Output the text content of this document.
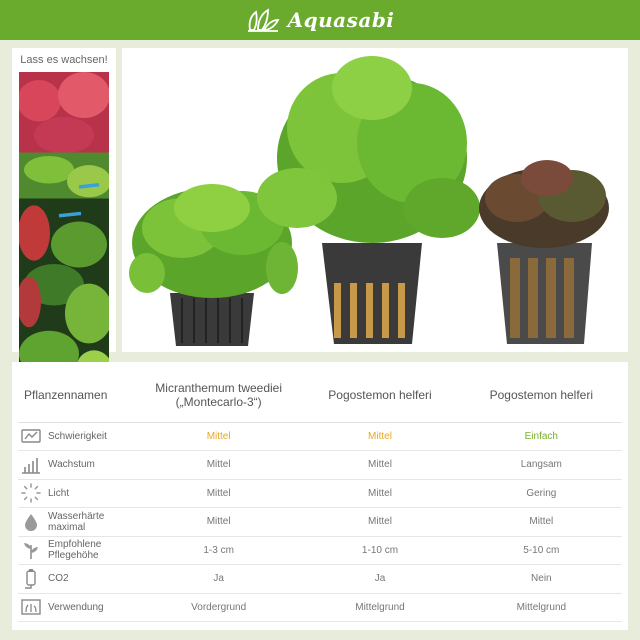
Aquasabi
Lass es wachsen!
Pflanzennamen	Micranthemum tweediei
(„Montecarlo-3“)	Pogostemon helferi	Pogostemon helferi

Schwierigkeit	Mittel	Mittel	Einfach

Wachstum	Mittel	Mittel	Langsam

Licht	Mittel	Mittel	Gering

Wasserhärte
maximal	Mittel	Mittel	Mittel

Empfohlene
Pflegehöhe	1-3 cm	1-10 cm	5-10 cm

CO2	Ja	Ja	Nein

Verwendung	Vordergrund	Mittelgrund	Mittelgrund
